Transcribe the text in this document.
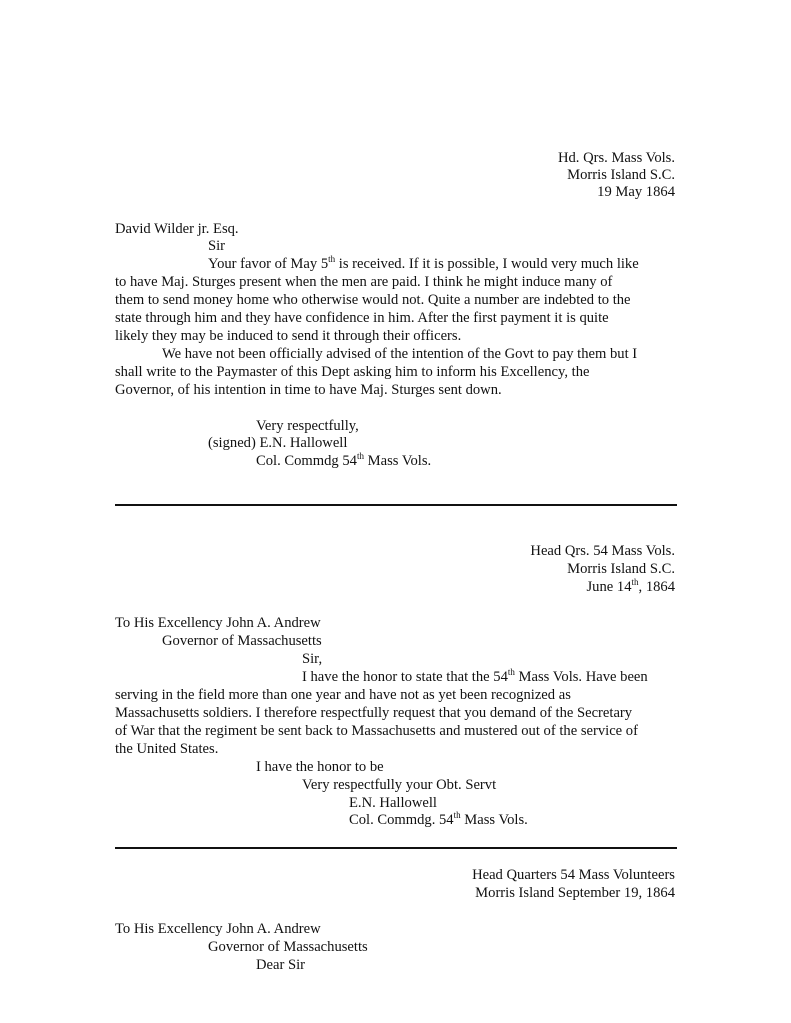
Hd. Qrs. Mass Vols.
Morris Island S.C.
19 May 1864
David Wilder jr. Esq.
Sir
Your favor of May 5th is received. If it is possible, I would very much like
to have Maj. Sturges present when the men are paid. I think he might induce many of
them to send money home who otherwise would not. Quite a number are indebted to the
state through him and they have confidence in him. After the first payment it is quite
likely they may be induced to send it through their officers.
We have not been officially advised of the intention of the Govt to pay them but I
shall write to the Paymaster of this Dept asking him to inform his Excellency, the
Governor, of his intention in time to have Maj. Sturges sent down.
Very respectfully,
(signed) E.N. Hallowell
Col. Commdg 54th Mass Vols.
Head Qrs. 54 Mass Vols.
Morris Island S.C.
June 14th, 1864
To His Excellency John A. Andrew
Governor of Massachusetts
Sir,
I have the honor to state that the 54th Mass Vols. Have been
serving in the field more than one year and have not as yet been recognized as
Massachusetts soldiers. I therefore respectfully request that you demand of the Secretary
of War that the regiment be sent back to Massachusetts and mustered out of the service of
the United States.
I have the honor to be
Very respectfully your Obt. Servt
E.N. Hallowell
Col. Commdg. 54th Mass Vols.
Head Quarters 54 Mass Volunteers
Morris Island September 19, 1864
To His Excellency John A. Andrew
Governor of Massachusetts
Dear Sir
